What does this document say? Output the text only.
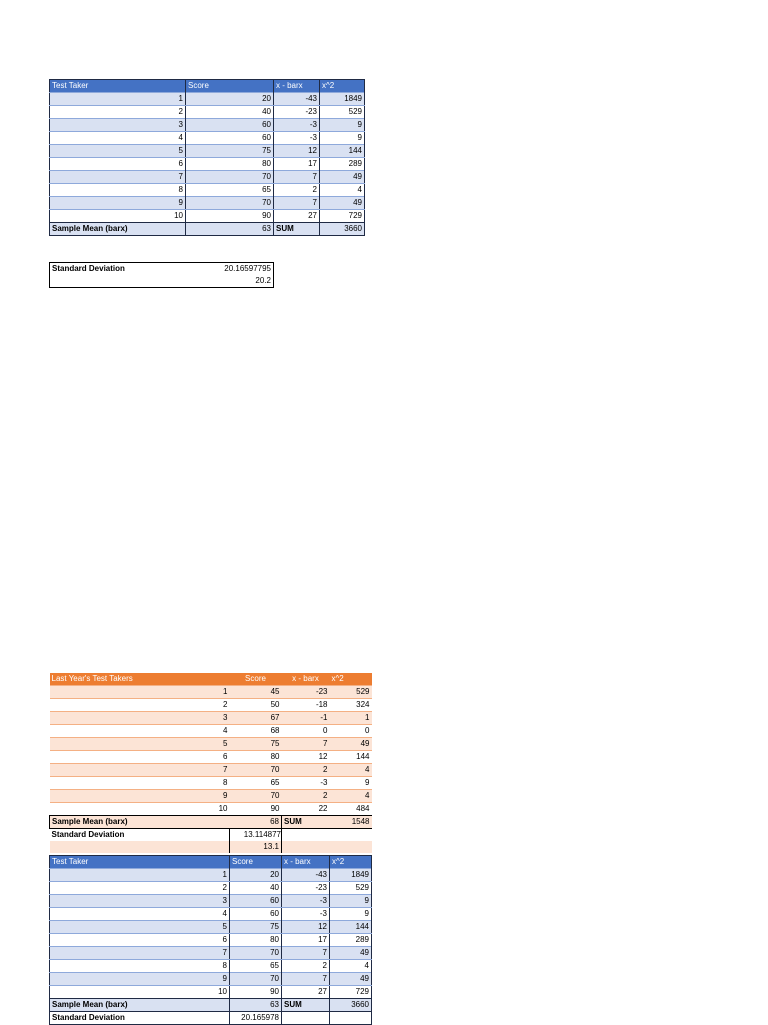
Test Taker	Score	x - barx	x^2
1	20	-43	1849
2	40	-23	529
3	60	-3	9
4	60	-3	9
5	75	12	144
6	80	17	289
7	70	7	49
8	65	2	4
9	70	7	49
10	90	27	729
Sample Mean (barx)	63	SUM	3660
Standard Deviation	20.16597795
	20.2
Last Year's Test Takers	Score	x - barx	x^2
1	45	-23	529
2	50	-18	324
3	67	-1	1
4	68	0	0
5	75	7	49
6	80	12	144
7	70	2	4
8	65	-3	9
9	70	2	4
10	90	22	484
Sample Mean (barx)	68	SUM	1548
Standard Deviation	13.114877		
	13.1		
Test Taker	Score	x - barx	x^2
1	20	-43	1849
2	40	-23	529
3	60	-3	9
4	60	-3	9
5	75	12	144
6	80	17	289
7	70	7	49
8	65	2	4
9	70	7	49
10	90	27	729
Sample Mean (barx)	63	SUM	3660
Standard Deviation	20.165978		
